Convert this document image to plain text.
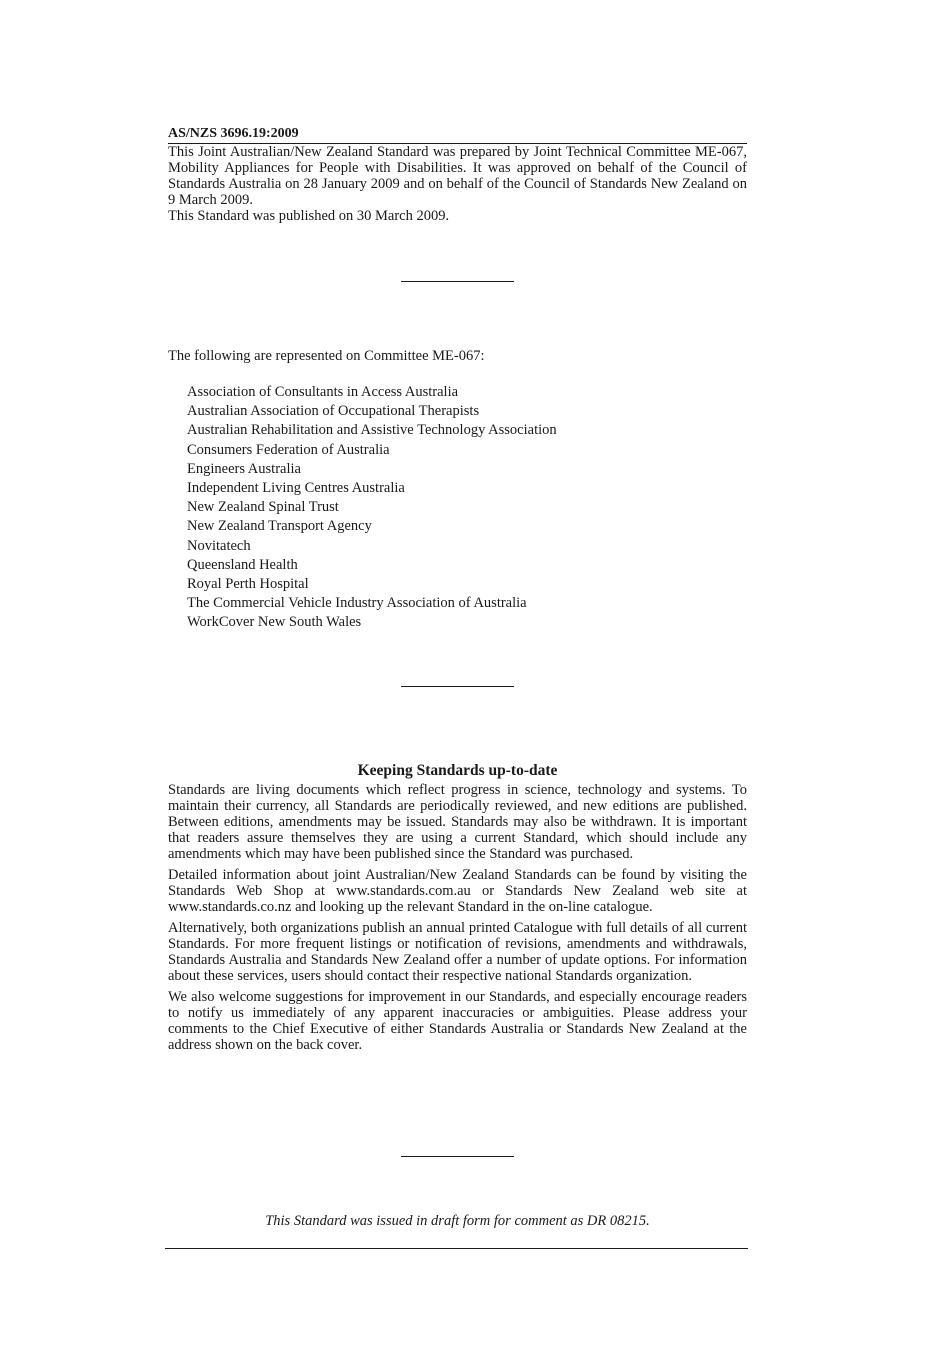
AS/NZS 3696.19:2009

This Joint Australian/New Zealand Standard was prepared by Joint Technical Committee ME-067, Mobility Appliances for People with Disabilities. It was approved on behalf of the Council of Standards Australia on 28 January 2009 and on behalf of the Council of Standards New Zealand on 9 March 2009.

This Standard was published on 30 March 2009.

The following are represented on Committee ME-067:

Association of Consultants in Access Australia
Australian Association of Occupational Therapists
Australian Rehabilitation and Assistive Technology Association
Consumers Federation of Australia
Engineers Australia
Independent Living Centres Australia
New Zealand Spinal Trust
New Zealand Transport Agency
Novitatech
Queensland Health
Royal Perth Hospital
The Commercial Vehicle Industry Association of Australia
WorkCover New South Wales
Keeping Standards up-to-date

Standards are living documents which reflect progress in science, technology and systems. To maintain their currency, all Standards are periodically reviewed, and new editions are published. Between editions, amendments may be issued. Standards may also be withdrawn. It is important that readers assure themselves they are using a current Standard, which should include any amendments which may have been published since the Standard was purchased.

Detailed information about joint Australian/New Zealand Standards can be found by visiting the Standards Web Shop at www.standards.com.au or Standards New Zealand web site at www.standards.co.nz and looking up the relevant Standard in the on-line catalogue.

Alternatively, both organizations publish an annual printed Catalogue with full details of all current Standards. For more frequent listings or notification of revisions, amendments and withdrawals, Standards Australia and Standards New Zealand offer a number of update options. For information about these services, users should contact their respective national Standards organization.

We also welcome suggestions for improvement in our Standards, and especially encourage readers to notify us immediately of any apparent inaccuracies or ambiguities. Please address your comments to the Chief Executive of either Standards Australia or Standards New Zealand at the address shown on the back cover.

This Standard was issued in draft form for comment as DR 08215.
